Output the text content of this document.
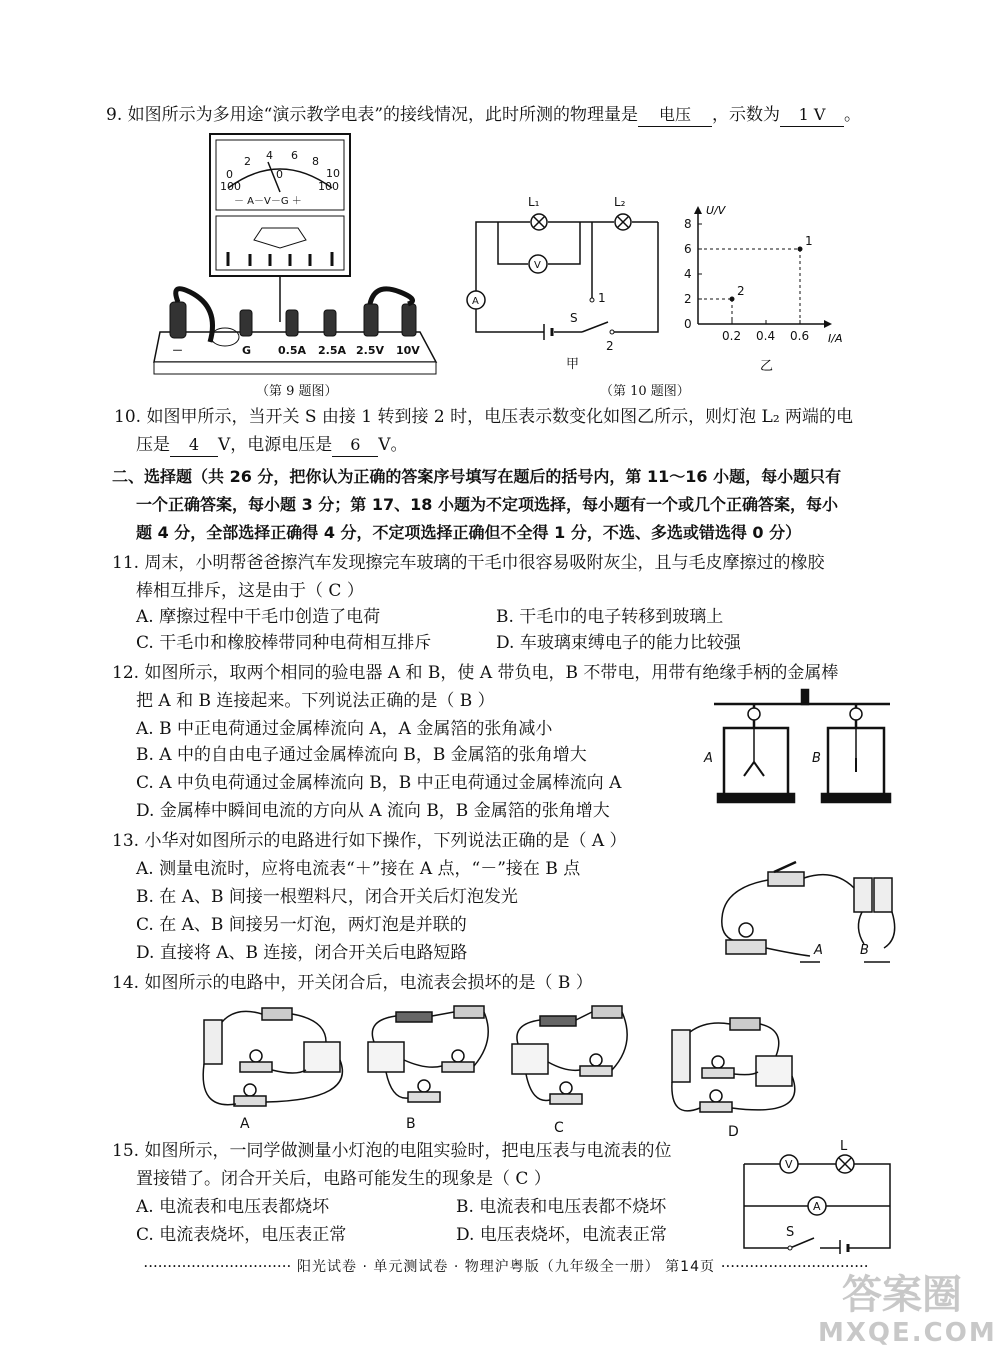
9. 如图所示为多用途“演示教学电表”的接线情况，此时所测的物理量是 电压 ，示数为 1 V 。
0
2 4 6 8
10
100
0
100
－ A－V－G ＋
－	G 0.5A 2.5A 2.5V 10V
（第 9 题图）
L₁	L₂
V
A
S
1
2
甲
U/V
I/A
乙
0
2
4
6
8
0.2 0.4 0.6
1
2
（第 10 题图）
10. 如图甲所示，当开关 S 由接 1 转到接 2 时，电压表示数变化如图乙所示，则灯泡 L₂ 两端的电
压是 4 V，电源电压是 6 V。
二、选择题（共 26 分，把你认为正确的答案序号填写在题后的括号内，第 11～16 小题，每小题只有
一个正确答案，每小题 3 分；第 17、18 小题为不定项选择，每小题有一个或几个正确答案，每小
题 4 分，全部选择正确得 4 分，不定项选择正确但不全得 1 分，不选、多选或错选得 0 分）
11. 周末，小明帮爸爸擦汽车发现擦完车玻璃的干毛巾很容易吸附灰尘，且与毛皮摩擦过的橡胶
棒相互排斥，这是由于（ C ）
A. 摩擦过程中干毛巾创造了电荷	B. 干毛巾的电子转移到玻璃上
C. 干毛巾和橡胶棒带同种电荷相互排斥	D. 车玻璃束缚电子的能力比较强
12. 如图所示，取两个相同的验电器 A 和 B，使 A 带负电，B 不带电，用带有绝缘手柄的金属棒
把 A 和 B 连接起来。下列说法正确的是（ B ）
A. B 中正电荷通过金属棒流向 A，A 金属箔的张角减小
B. A 中的自由电子通过金属棒流向 B，B 金属箔的张角增大
C. A 中负电荷通过金属棒流向 B，B 中正电荷通过金属棒流向 A
D. 金属棒中瞬间电流的方向从 A 流向 B，B 金属箔的张角增大
A	B
13. 小华对如图所示的电路进行如下操作，下列说法正确的是（ A ）
A. 测量电流时，应将电流表“＋”接在 A 点，“－”接在 B 点
B. 在 A、B 间接一根塑料尺，闭合开关后灯泡发光
C. 在 A、B 间接另一灯泡，两灯泡是并联的
D. 直接将 A、B 连接，闭合开关后电路短路	A	B
14. 如图所示的电路中，开关闭合后，电流表会损坏的是（ B ）
A	B	C	D
15. 如图所示，一同学做测量小灯泡的电阻实验时，把电压表与电流表的位
置接错了。闭合开关后，电路可能发生的现象是（ C ）
A. 电流表和电压表都烧坏	B. 电流表和电压表都不烧坏
C. 电流表烧坏，电压表正常	D. 电压表烧坏，电流表正常
V
A
L
S
······························· 阳光试卷 · 单元测试卷 · 物理沪粤版（九年级全一册） 第14页 ·······························
答案圈
MXQE.COM
